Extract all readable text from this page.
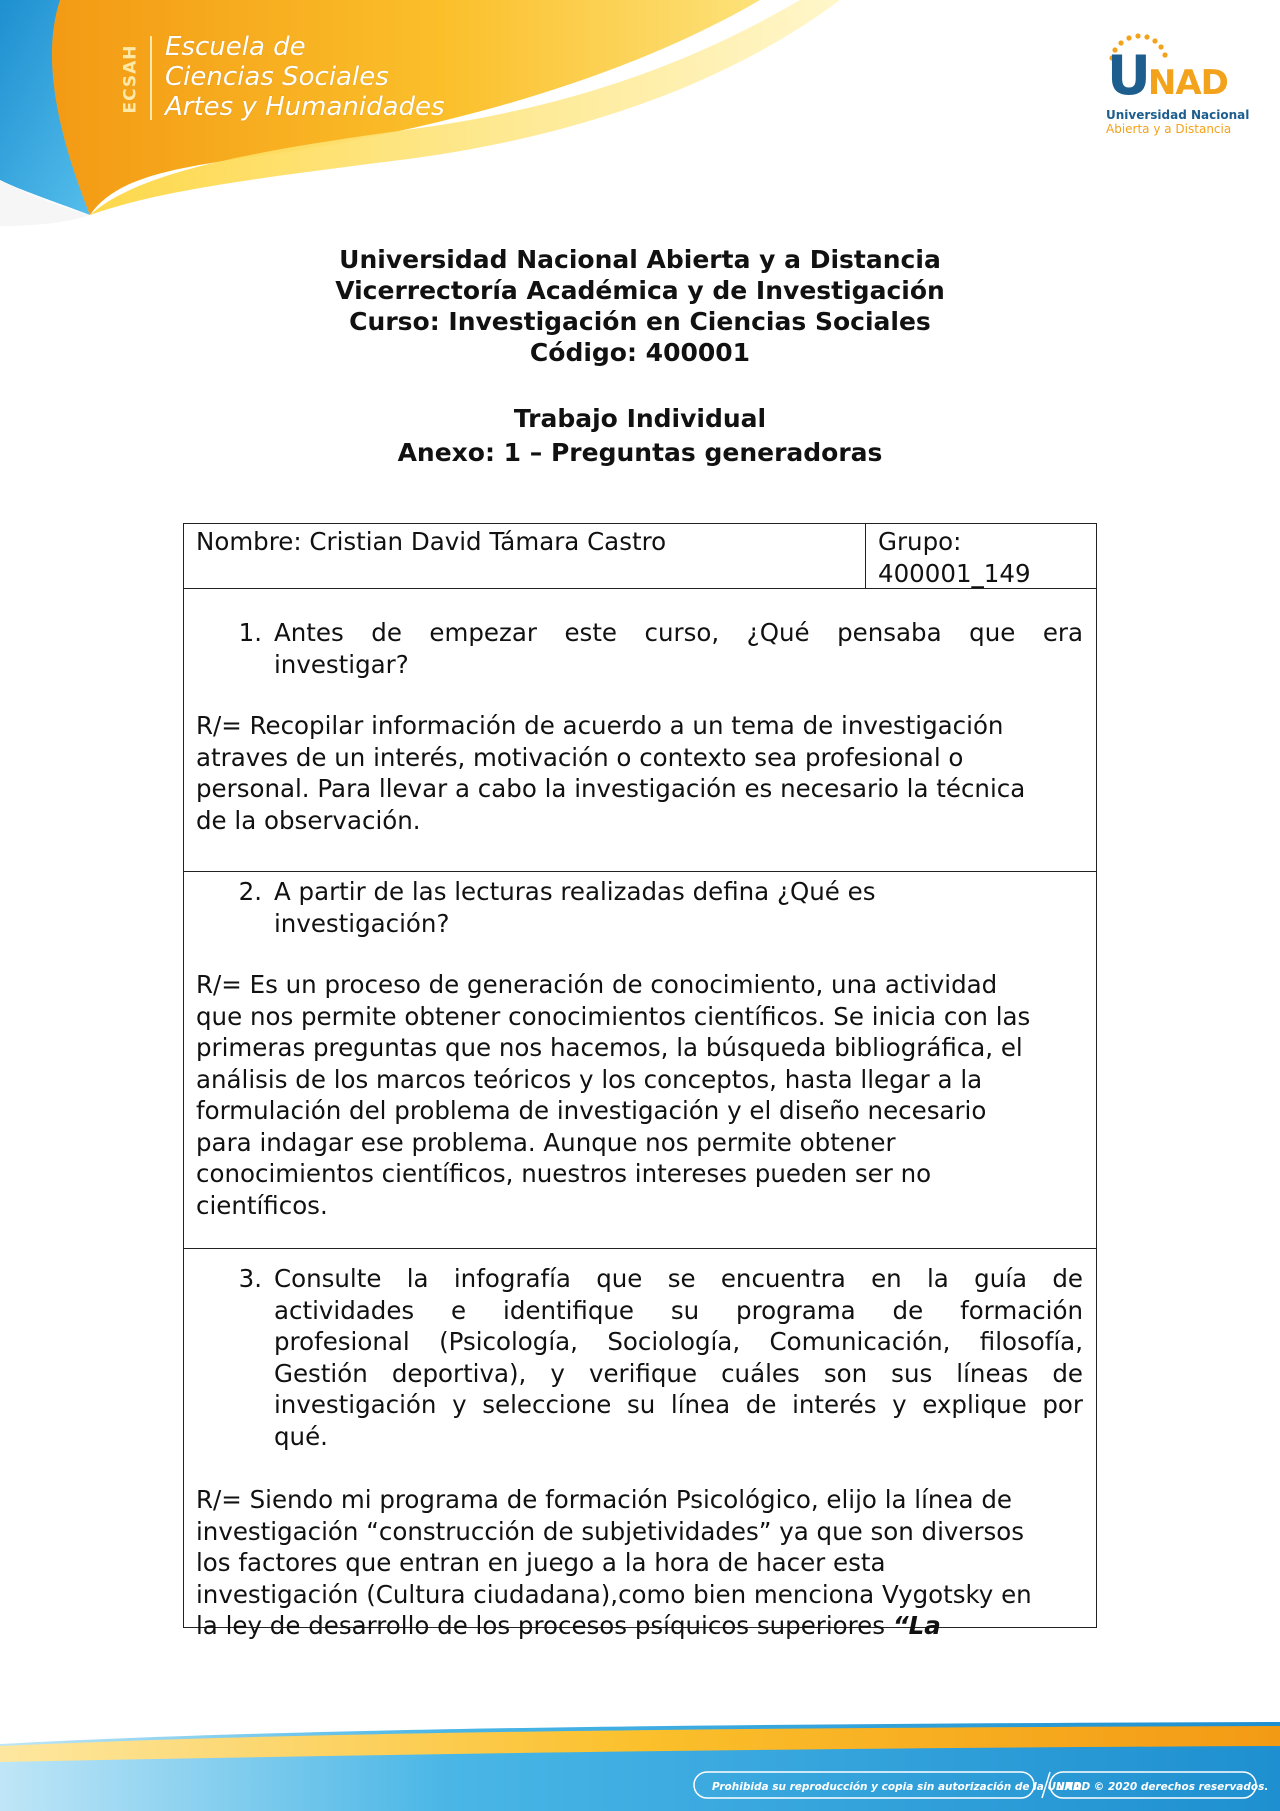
ECSAH Escuela de
Ciencias Sociales
Artes y Humanidades	UNAD
Universidad Nacional
Abierta y a Distancia
Universidad Nacional Abierta y a Distancia
Vicerrectoría Académica y de Investigación
Curso: Investigación en Ciencias Sociales
Código: 400001
Trabajo Individual
Anexo: 1 – Preguntas generadoras
Nombre: Cristian David Támara Castro	Grupo:
400001_149
1. Antes de empezar este curso, ¿Qué pensaba que era
investigar?
R/= Recopilar información de acuerdo a un tema de investigación
atraves de un interés, motivación o contexto sea profesional o
personal. Para llevar a cabo la investigación es necesario la técnica
de la observación.
2. A partir de las lecturas realizadas defina ¿Qué es
investigación?
R/= Es un proceso de generación de conocimiento, una actividad
que nos permite obtener conocimientos científicos. Se inicia con las
primeras preguntas que nos hacemos, la búsqueda bibliográfica, el
análisis de los marcos teóricos y los conceptos, hasta llegar a la
formulación del problema de investigación y el diseño necesario
para indagar ese problema. Aunque nos permite obtener
conocimientos científicos, nuestros intereses pueden ser no
científicos.
3. Consulte la infografía que se encuentra en la guía de
actividades e identifique su programa de formación
profesional (Psicología, Sociología, Comunicación, filosofía,
Gestión deportiva), y verifique cuáles son sus líneas de
investigación y seleccione su línea de interés y explique por
qué.
R/= Siendo mi programa de formación Psicológico, elijo la línea de
investigación “construcción de subjetividades” ya que son diversos
los factores que entran en juego a la hora de hacer esta
investigación (Cultura ciudadana),como bien menciona Vygotsky en
la ley de desarrollo de los procesos psíquicos superiores “La
Prohibida su reproducción y copia sin autorización de la UNAD.
UNAD © 2020 derechos reservados.
